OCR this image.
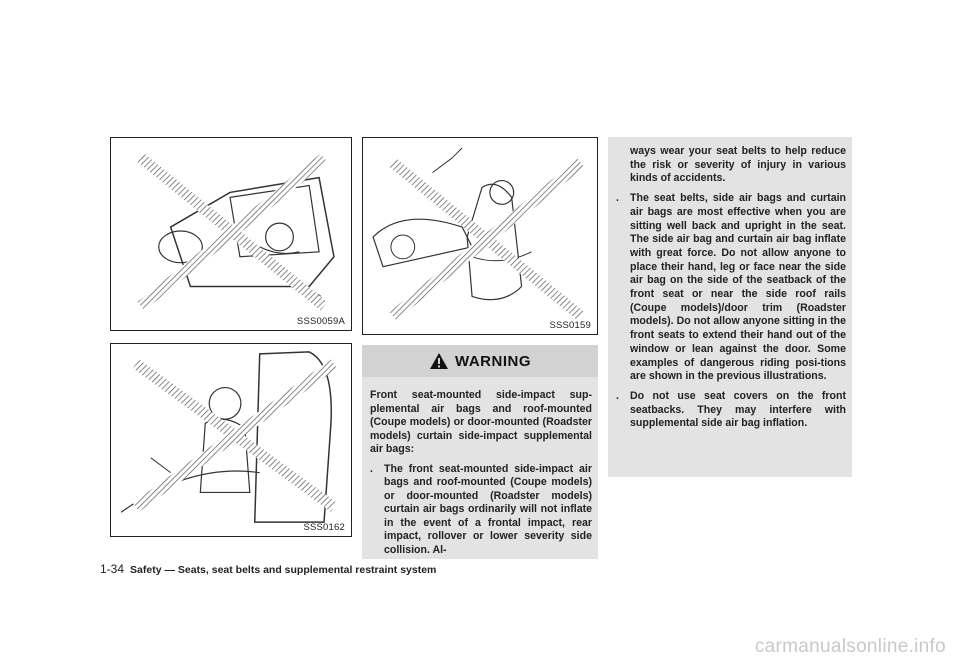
SSS0059A
SSS0162
SSS0159
WARNING

Front seat-mounted side-impact sup-plemental air bags and roof-mounted (Coupe models) or door-mounted (Roadster models) curtain side-impact supplemental air bags:

.	The front seat-mounted side-impact air bags and roof-mounted (Coupe models) or door-mounted (Roadster models) curtain air bags ordinarily will not inflate in the event of a frontal impact, rear impact, rollover or lower severity side collision. Al-
ways wear your seat belts to help reduce the risk or severity of injury in various kinds of accidents.
.	The seat belts, side air bags and curtain air bags are most effective when you are sitting well back and upright in the seat. The side air bag and curtain air bag inflate with great force. Do not allow anyone to place their hand, leg or face near the side air bag on the side of the seatback of the front seat or near the side roof rails (Coupe models)/door trim (Roadster models). Do not allow anyone sitting in the front seats to extend their hand out of the window or lean against the door. Some examples of dangerous riding posi-tions are shown in the previous illustrations.
.	Do not use seat covers on the front seatbacks. They may interfere with supplemental side air bag inflation.
1-34 Safety — Seats, seat belts and supplemental restraint system
carmanualsonline.info
